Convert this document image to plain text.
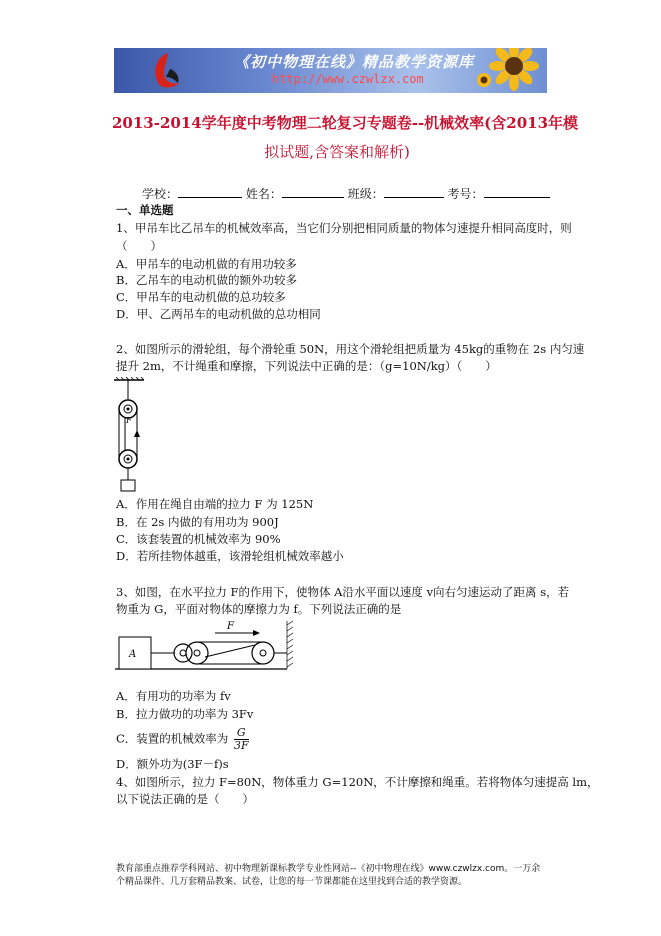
《初中物理在线》精品教学资源库
http://www.czwlzx.com
2013-2014学年度中考物理二轮复习专题卷--机械效率(含2013年模
拟试题,含答案和解析)
学校：	姓名：	班级：	考号：
一、单选题
1、甲吊车比乙吊车的机械效率高，当它们分别把相同质量的物体匀速提升相同高度时，则
（　　）
A．甲吊车的电动机做的有用功较多
B．乙吊车的电动机做的额外功较多
C．甲吊车的电动机做的总功较多
D．甲、乙两吊车的电动机做的总功相同
2、如图所示的滑轮组，每个滑轮重 50N，用这个滑轮组把质量为 45kg的重物在 2s 内匀速
提升 2m，不计绳重和摩擦，下列说法中正确的是：（g=10N/kg）（　　）
F
A．作用在绳自由端的拉力 F 为 125N
B．在 2s 内做的有用功为 900J
C．该套装置的机械效率为 90%
D．若所挂物体越重，该滑轮组机械效率越小
3、如图，在水平拉力 F的作用下，使物体 A沿水平面以速度 v向右匀速运动了距离 s，若
物重为 G，平面对物体的摩擦力为 f。下列说法正确的是
A
F
A．有用功的功率为 fv
B．拉力做功的功率为 3Fv
C．装置的机械效率为 $\frac{G}{3F}$
D．额外功为(3F－f)s
4、如图所示，拉力 F=80N，物体重力 G=120N，不计摩擦和绳重。若将物体匀速提高 lm，
以下说法正确的是（　　）
教育部重点推荐学科网站、初中物理新课标教学专业性网站--《初中物理在线》www.czwlzx.com。一万余
个精品课件、几万套精品教案、试卷，让您的每一节课都能在这里找到合适的教学资源。
